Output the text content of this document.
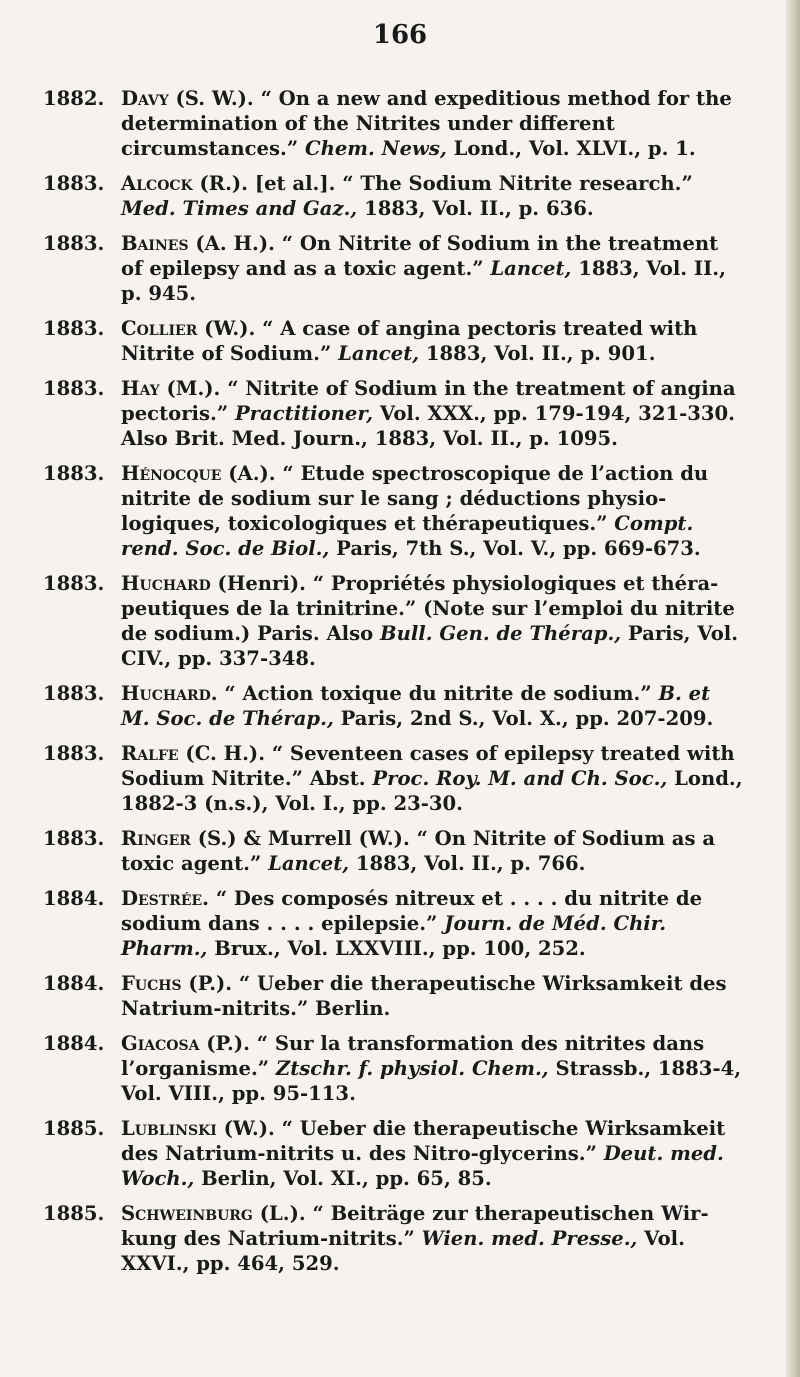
166
1882. Davy (S. W.). “ On a new and expeditious method for the determination of the Nitrites under different circumstances.” Chem. News, Lond., Vol. XLVI., p. 1.
1883. Alcock (R.). [et al.]. “ The Sodium Nitrite research.” Med. Times and Gaz., 1883, Vol. II., p. 636.
1883. Baines (A. H.). “ On Nitrite of Sodium in the treatment of epilepsy and as a toxic agent.” Lancet, 1883, Vol. II., p. 945.
1883. Collier (W.). “ A case of angina pectoris treated with Nitrite of Sodium.” Lancet, 1883, Vol. II., p. 901.
1883. Hay (M.). “ Nitrite of Sodium in the treatment of angina pectoris.” Practitioner, Vol. XXX., pp. 179-194, 321-330. Also Brit. Med. Journ., 1883, Vol. II., p. 1095.
1883. Hénocque (A.). “ Etude spectroscopique de l’action du nitrite de sodium sur le sang ; déductions physio-logiques, toxicologiques et thérapeutiques.” Compt. rend. Soc. de Biol., Paris, 7th S., Vol. V., pp. 669-673.
1883. Huchard (Henri). “ Propriétés physiologiques et théra-peutiques de la trinitrine.” (Note sur l’emploi du nitrite de sodium.) Paris. Also Bull. Gen. de Thérap., Paris, Vol. CIV., pp. 337-348.
1883. Huchard. “ Action toxique du nitrite de sodium.” B. et M. Soc. de Thérap., Paris, 2nd S., Vol. X., pp. 207-209.
1883. Ralfe (C. H.). “ Seventeen cases of epilepsy treated with Sodium Nitrite.” Abst. Proc. Roy. M. and Ch. Soc., Lond., 1882-3 (n.s.), Vol. I., pp. 23-30.
1883. Ringer (S.) & Murrell (W.). “ On Nitrite of Sodium as a toxic agent.” Lancet, 1883, Vol. II., p. 766.
1884. Destrée. “ Des composés nitreux et . . . . du nitrite de sodium dans . . . . epilepsie.” Journ. de Méd. Chir. Pharm., Brux., Vol. LXXVIII., pp. 100, 252.
1884. Fuchs (P.). “ Ueber die therapeutische Wirksamkeit des Natrium-nitrits.” Berlin.
1884. Giacosa (P.). “ Sur la transformation des nitrites dans l’organisme.” Ztschr. f. physiol. Chem., Strassb., 1883-4, Vol. VIII., pp. 95-113.
1885. Lublinski (W.). “ Ueber die therapeutische Wirksamkeit des Natrium-nitrits u. des Nitro-glycerins.” Deut. med. Woch., Berlin, Vol. XI., pp. 65, 85.
1885. Schweinburg (L.). “ Beiträge zur therapeutischen Wir-kung des Natrium-nitrits.” Wien. med. Presse., Vol. XXVI., pp. 464, 529.
